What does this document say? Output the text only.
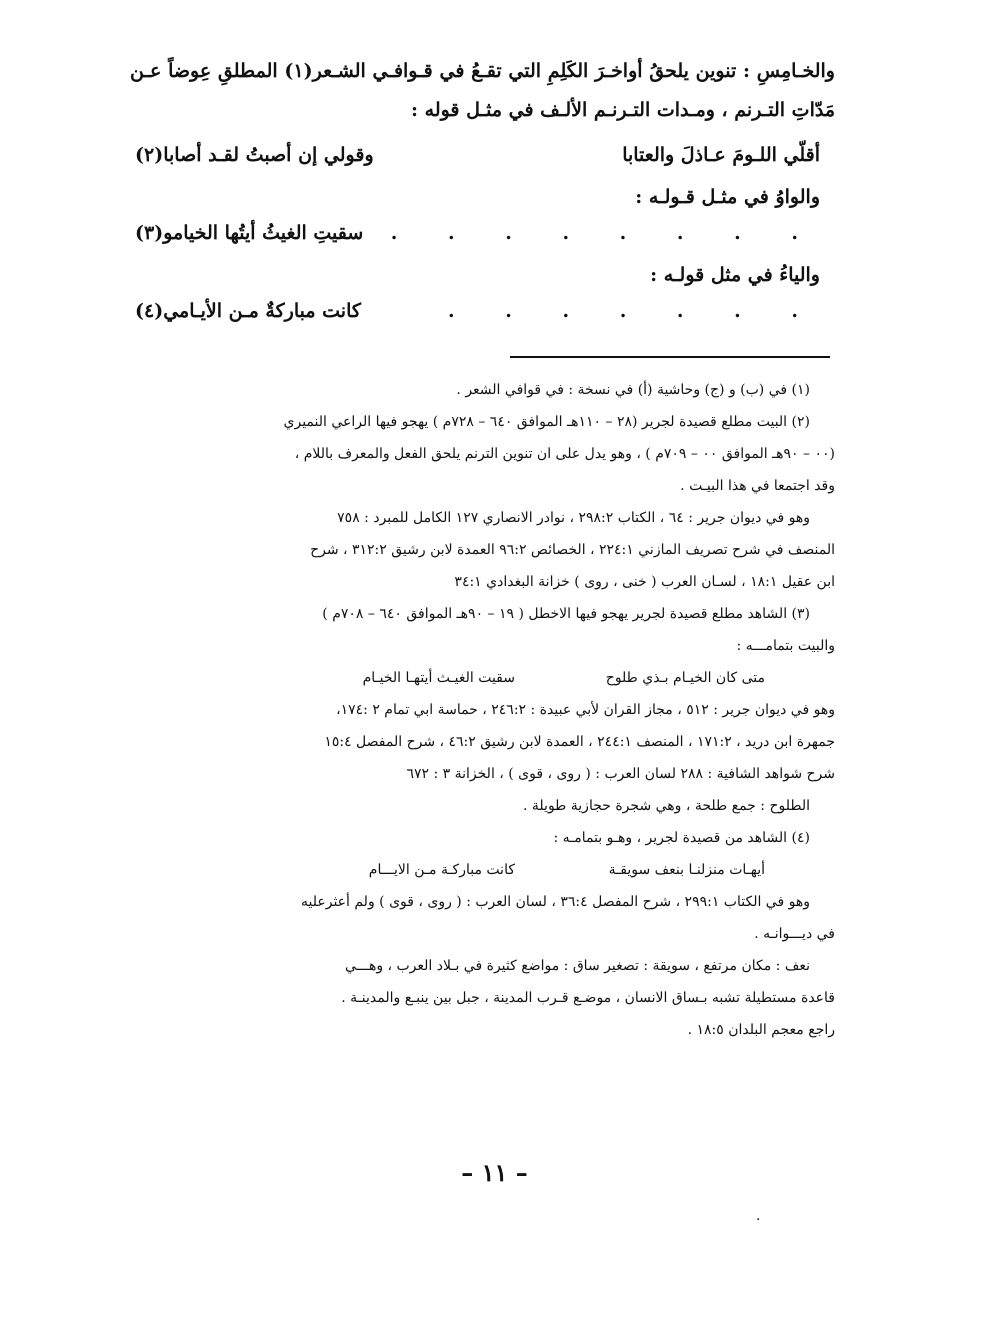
والخـامِسِ : تنوين يلحقُ أواخـرَ الكَلِمِ التي تقـعُ في قـوافـي الشـعر(١) المطلقِ عِوضاً عـن مَدّاتِ التـرنم ، ومـدات التـرنـم الألـف في مثـل قوله :

أقلّي اللـومَ عـاذلَ والعتابا
وقولي إن أصبتُ لقـد أصابا(٢)
والواوُ في مثـل قـولـه :
. . . . . . . .
سقيتِ الغيثُ أيتُها الخيامو(٣)
والياءُ في مثل قولـه :
. . . . . . .
كانت مباركةٌ مـن الأيـامي(٤)

(١) في (ب) و (ج) وحاشية (أ) في نسخة : في قوافي الشعر .

(٢) البيت مطلع قصيدة لجرير (٢٨ – ١١٠هـ الموافق ٦٤٠ – ٧٢٨م ) يهجو فيها الراعي النميري

(٠٠ – ٩٠هـ الموافق ٠٠ – ٧٠٩م ) ، وهو يدل على ان تنوين الترنم يلحق الفعل والمعرف باللام ،

وقد اجتمعا في هذا البيـت .

وهو في ديوان جرير : ٦٤ ، الكتاب ٢٩٨:٢ ، نوادر الانصاري ١٢٧ الكامل للمبرد : ٧٥٨

المنصف في شرح تصريف المازني ٢٢٤:١ ، الخصائص ٩٦:٢ العمدة لابن رشيق ٣١٢:٢ ، شرح

ابن عقيل ١٨:١ ، لسـان العرب ( خنى ، روى ) خزانة البغدادي ٣٤:١

(٣) الشاهد مطلع قصيدة لجرير يهجو فيها الاخطل ( ١٩ – ٩٠هـ الموافق ٦٤٠ – ٧٠٨م )

والبيت بتمامـــه :

متى كان الخيـام بـذي طلوح
سقيت الغيـث أيتهـا الخيـام

وهو في ديوان جرير : ٥١٢ ، مجاز القران لأبي عبيدة : ٢٤٦:٢ ، حماسة ابي تمام ٢ :١٧٤،

جمهرة ابن دريد ، ١٧١:٢ ، المنصف ٢٤٤:١ ، العمدة لابن رشيق ٤٦:٢ ، شرح المفصل ١٥:٤

شرح شواهد الشافية : ٢٨٨ لسان العرب : ( روى ، قوى ) ، الخزانة ٣ : ٦٧٢

الطلوح : جمع طلحة ، وهي شجرة حجازية طويلة .

(٤) الشاهد من قصيدة لجرير ، وهـو بتمامـه :

أيهـات منزلنـا بنعف سويقـة
كانت مباركـة مـن الايـــام

وهو في الكتاب ٢٩٩:١ ، شرح المفصل ٣٦:٤ ، لسان العرب : ( روى ، قوى ) ولم أعثرعليه

في ديـــوانـه .

نعف : مكان مرتفع ، سويقة : تصغير ساق : مواضع كثيرة في بـلاد العرب ، وهـــي

قاعدة مستطيلة تشبه بـساق الانسان ، موضـع قـرب المدينة ، جبل بين ينبـع والمدينـة .

راجع معجم البلدان ١٨:٥ .

– ١١ –
·
